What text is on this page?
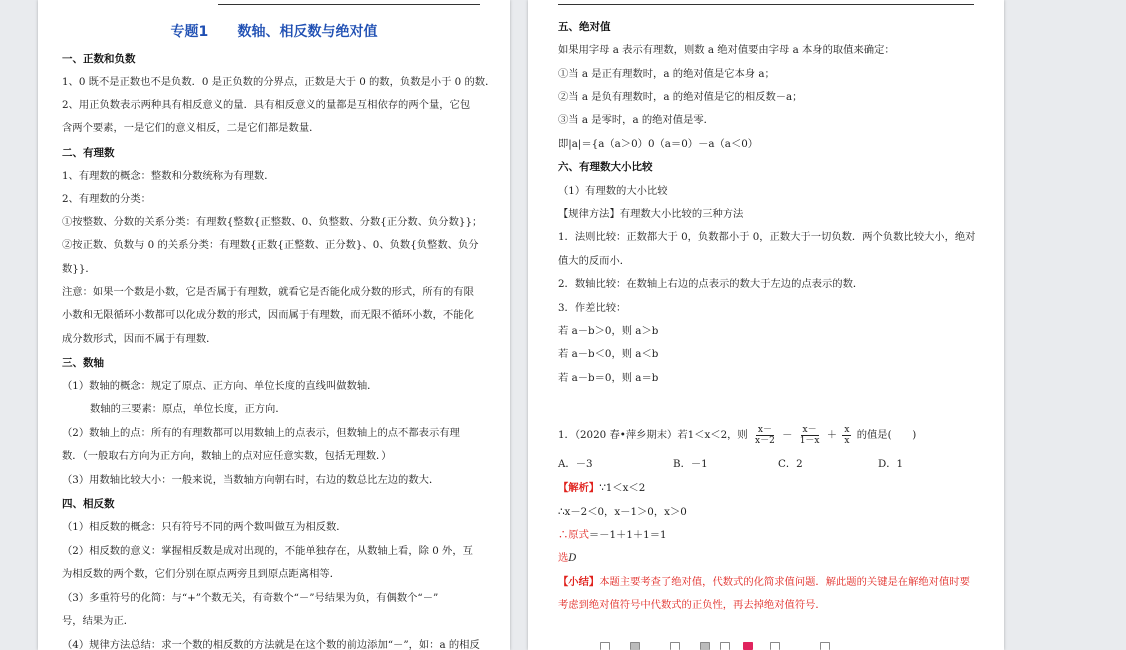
专题1      数轴、相反数与绝对值
一、正数和负数
1、0 既不是正数也不是负数．0 是正负数的分界点，正数是大于 0 的数，负数是小于 0 的数．
2、用正负数表示两种具有相反意义的量．具有相反意义的量都是互相依存的两个量，它包
含两个要素，一是它们的意义相反，二是它们都是数量．
二、有理数
1、有理数的概念：整数和分数统称为有理数．
2、有理数的分类：
①按整数、分数的关系分类：有理数{整数{正整数、0、负整数、分数{正分数、负分数}}；
②按正数、负数与 0 的关系分类：有理数{正数{正整数、正分数}、0、负数{负整数、负分
数}}．
注意：如果一个数是小数，它是否属于有理数，就看它是否能化成分数的形式，所有的有限
小数和无限循环小数都可以化成分数的形式，因而属于有理数，而无限不循环小数，不能化
成分数形式，因而不属于有理数．
三、数轴
（1）数轴的概念：规定了原点、正方向、单位长度的直线叫做数轴．
数轴的三要素：原点，单位长度，正方向．
（2）数轴上的点：所有的有理数都可以用数轴上的点表示，但数轴上的点不都表示有理
数．（一般取右方向为正方向，数轴上的点对应任意实数，包括无理数．）
（3）用数轴比较大小：一般来说，当数轴方向朝右时，右边的数总比左边的数大．
四、相反数
（1）相反数的概念：只有符号不同的两个数叫做互为相反数．
（2）相反数的意义：掌握相反数是成对出现的，不能单独存在，从数轴上看，除 0 外，互
为相反数的两个数，它们分别在原点两旁且到原点距离相等．
（3）多重符号的化简：与“+”个数无关，有奇数个“－”号结果为负，有偶数个“－”
号，结果为正．
（4）规律方法总结：求一个数的相反数的方法就是在这个数的前边添加“－”，如：a 的相反
五、绝对值
如果用字母 a 表示有理数，则数 a 绝对值要由字母 a 本身的取值来确定：
①当 a 是正有理数时，a 的绝对值是它本身 a；
②当 a 是负有理数时，a 的绝对值是它的相反数－a；
③当 a 是零时，a 的绝对值是零．
即|a|＝{a（a＞0）0（a＝0）－a（a＜0）
六、有理数大小比较
（1）有理数的大小比较
【规律方法】有理数大小比较的三种方法
1．法则比较：正数都大于 0，负数都小于 0，正数大于一切负数．两个负数比较大小，绝对
值大的反而小．
2．数轴比较：在数轴上右边的点表示的数大于左边的点表示的数．
3．作差比较：
若 a－b＞0，则 a＞b
若 a－b＜0，则 a＜b
若 a－b＝0，则 a＝b
1．（2020 春•萍乡期末）若1＜x＜2，则 $\frac{x-}{x-2} - \frac{x-}{1-x} + \frac{x}{x}$ 的值是(　　)
A．－3	B．－1	C．2	D．1
【解析】∵1＜x＜2
∴x－2＜0，x－1＞0，x＞0
∴原式＝－1＋1＋1＝1
选D
【小结】本题主要考查了绝对值，代数式的化简求值问题．解此题的关键是在解绝对值时要
考虑到绝对值符号中代数式的正负性，再去掉绝对值符号．
